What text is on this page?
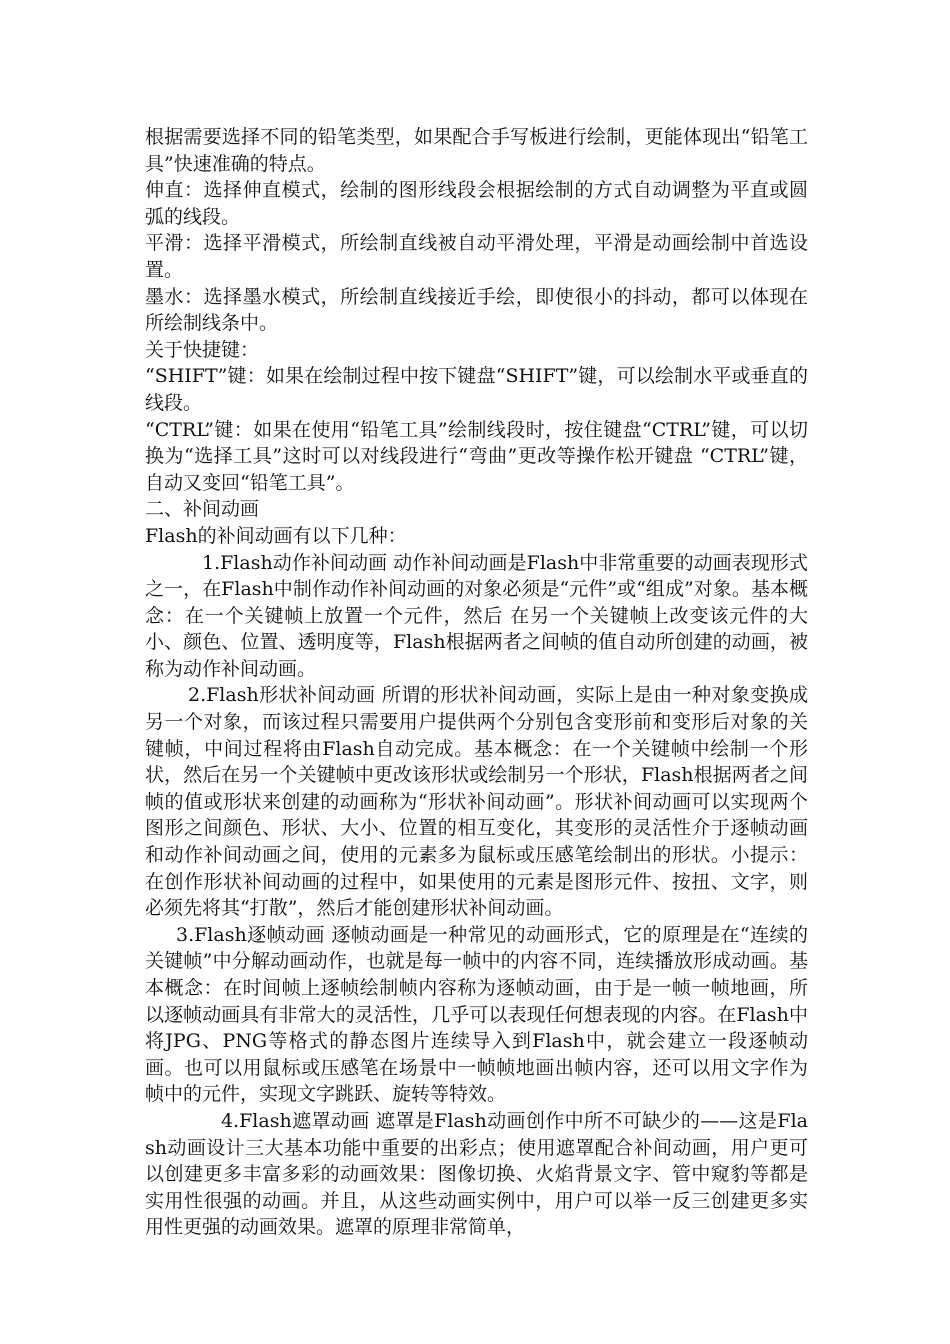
根据需要选择不同的铅笔类型，如果配合手写板进行绘制，更能体现出“铅笔工具”快速准确的特点。

伸直：选择伸直模式，绘制的图形线段会根据绘制的方式自动调整为平直或圆弧的线段。

平滑：选择平滑模式，所绘制直线被自动平滑处理，平滑是动画绘制中首选设置。

墨水：选择墨水模式，所绘制直线接近手绘，即使很小的抖动，都可以体现在所绘制线条中。

关于快捷键：

“SHIFT”键：如果在绘制过程中按下键盘“SHIFT”键，可以绘制水平或垂直的线段。

“CTRL”键：如果在使用“铅笔工具”绘制线段时，按住键盘“CTRL”键，可以切换为“选择工具”这时可以对线段进行“弯曲”更改等操作松开键盘 “CTRL”键，自动又变回“铅笔工具”。

二、补间动画

Flash的补间动画有以下几种：

1.Flash动作补间动画 动作补间动画是Flash中非常重要的动画表现形式之一，在Flash中制作动作补间动画的对象必须是“元件”或“组成”对象。基本概念：在一个关键帧上放置一个元件，然后 在另一个关键帧上改变该元件的大小、颜色、位置、透明度等，Flash根据两者之间帧的值自动所创建的动画，被称为动作补间动画。

2.Flash形状补间动画 所谓的形状补间动画，实际上是由一种对象变换成另一个对象，而该过程只需要用户提供两个分别包含变形前和变形后对象的关键帧，中间过程将由Flash自动完成。基本概念：在一个关键帧中绘制一个形状，然后在另一个关键帧中更改该形状或绘制另一个形状，Flash根据两者之间帧的值或形状来创建的动画称为“形状补间动画”。形状补间动画可以实现两个图形之间颜色、形状、大小、位置的相互变化，其变形的灵活性介于逐帧动画和动作补间动画之间，使用的元素多为鼠标或压感笔绘制出的形状。小提示：在创作形状补间动画的过程中，如果使用的元素是图形元件、按扭、文字，则必须先将其“打散”，然后才能创建形状补间动画。

3.Flash逐帧动画 逐帧动画是一种常见的动画形式，它的原理是在“连续的关键帧”中分解动画动作，也就是每一帧中的内容不同，连续播放形成动画。基本概念：在时间帧上逐帧绘制帧内容称为逐帧动画，由于是一帧一帧地画，所以逐帧动画具有非常大的灵活性，几乎可以表现任何想表现的内容。在Flash中将JPG、PNG等格式的静态图片连续导入到Flash中，就会建立一段逐帧动画。也可以用鼠标或压感笔在场景中一帧帧地画出帧内容，还可以用文字作为帧中的元件，实现文字跳跃、旋转等特效。

4.Flash遮罩动画 遮罩是Flash动画创作中所不可缺少的——这是Flash动画设计三大基本功能中重要的出彩点；使用遮罩配合补间动画，用户更可以创建更多丰富多彩的动画效果：图像切换、火焰背景文字、管中窥豹等都是实用性很强的动画。并且，从这些动画实例中，用户可以举一反三创建更多实用性更强的动画效果。遮罩的原理非常简单，
